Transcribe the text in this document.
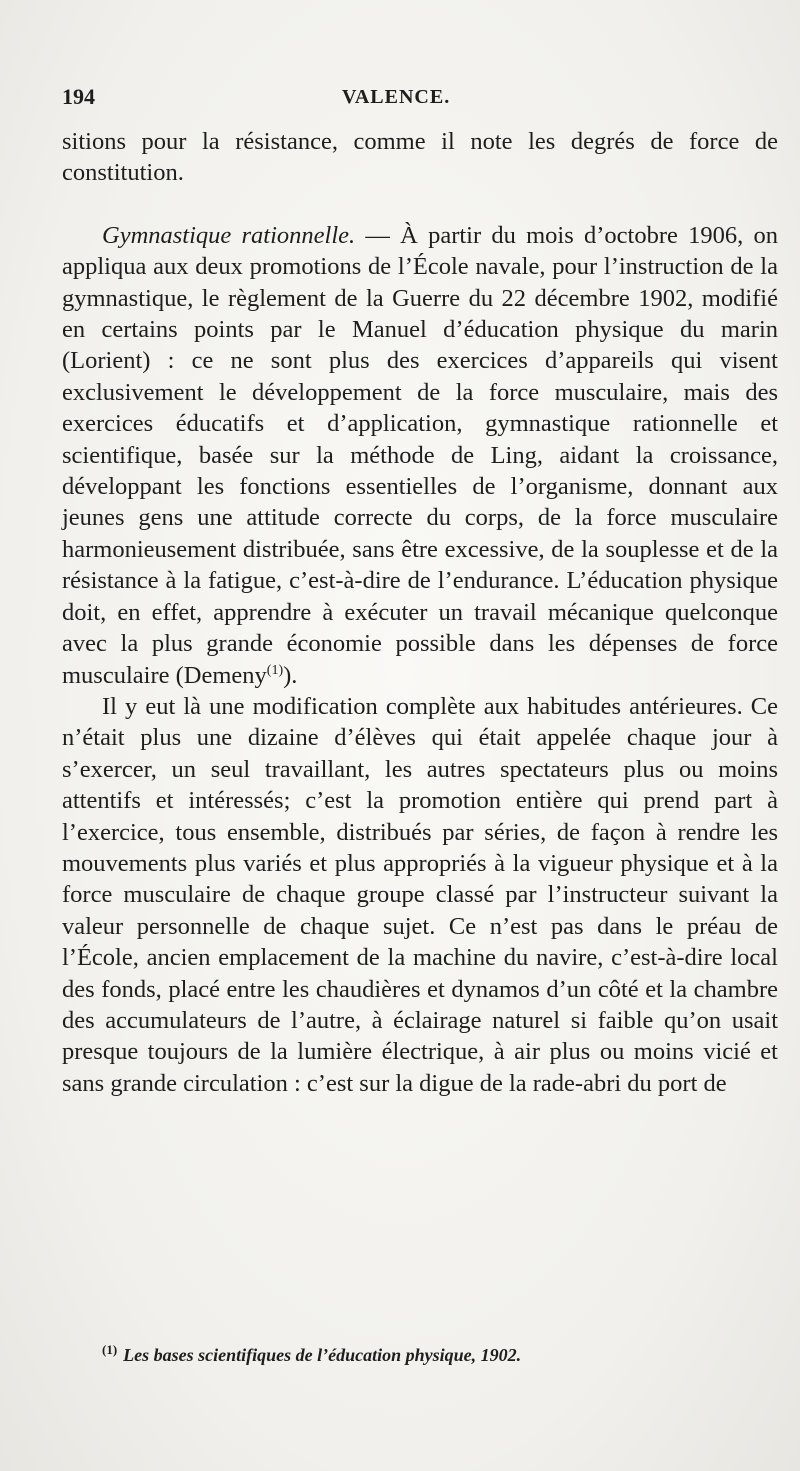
194	VALENCE.

sitions pour la résistance, comme il note les degrés de force de constitution.

Gymnastique rationnelle. — À partir du mois d’octobre 1906, on appliqua aux deux promotions de l’École navale, pour l’instruction de la gymnastique, le règlement de la Guerre du 22 décembre 1902, modifié en certains points par le Manuel d’éducation physique du marin (Lorient) : ce ne sont plus des exercices d’appareils qui visent exclusivement le développement de la force musculaire, mais des exercices éducatifs et d’application, gymnastique rationnelle et scientifique, basée sur la méthode de Ling, aidant la croissance, développant les fonctions essentielles de l’organisme, donnant aux jeunes gens une attitude correcte du corps, de la force musculaire harmonieusement distribuée, sans être excessive, de la souplesse et de la résistance à la fatigue, c’est-à-dire de l’endurance. L’éducation physique doit, en effet, apprendre à exécuter un travail mécanique quelconque avec la plus grande économie possible dans les dépenses de force musculaire (Demeny$^{(1)}$).

Il y eut là une modification complète aux habitudes antérieures. Ce n’était plus une dizaine d’élèves qui était appelée chaque jour à s’exercer, un seul travaillant, les autres spectateurs plus ou moins attentifs et intéressés; c’est la promotion entière qui prend part à l’exercice, tous ensemble, distribués par séries, de façon à rendre les mouvements plus variés et plus appropriés à la vigueur physique et à la force musculaire de chaque groupe classé par l’instructeur suivant la valeur personnelle de chaque sujet. Ce n’est pas dans le préau de l’École, ancien emplacement de la machine du navire, c’est-à-dire local des fonds, placé entre les chaudières et dynamos d’un côté et la chambre des accumulateurs de l’autre, à éclairage naturel si faible qu’on usait presque toujours de la lumière électrique, à air plus ou moins vicié et sans grande circulation : c’est sur la digue de la rade-abri du port de

$^{(1)}$ Les bases scientifiques de l’éducation physique, 1902.
